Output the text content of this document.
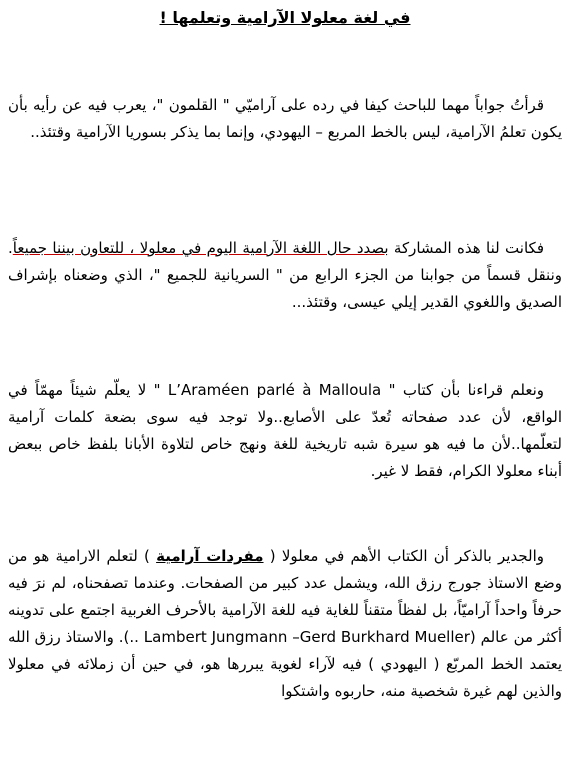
في لغة معلولا الآرامية وتعلمها !

قرأتُ جواباً مهما للباحث كيفا في رده على آراميّي " القلمون "، يعرب فيه عن رأيه بأن يكون تعلمُ الآرامية، ليس بالخط المربع – اليهودي، وإنما بما يذكر بسوريا الآرامية وقتئذ..

فكانت لنا هذه المشاركة بصدد حال اللغة الآرامية اليوم في معلولا ، للتعاون بيننا جميعاً. وننقل قسماً من جوابنا من الجزء الرابع من " السريانية للجميع "، الذي وضعناه بإشراف الصديق واللغوي القدير إيلي عيسى، وقتئذ...

ونعلم قراءنا بأن كتاب " L’Araméen parlé à Malloula " لا يعلّم شيئاً مهمّاً في الواقع، لأن عدد صفحاته تُعدّ على الأصابع..ولا توجد فيه سوى بضعة كلمات آرامية لتعلّمها..لأن ما فيه هو سيرة شبه تاريخية للغة ونهج خاص لتلاوة الأبانا بلفظ خاص ببعض أبناء معلولا الكرام، فقط لا غير.

والجدير بالذكر أن الكتاب الأهم في معلولا ( مفردات آرامية ) لتعلم الارامية هو من وضع الاستاذ جورج رزق الله، ويشمل عدد كبير من الصفحات. وعندما تصفحناه، لم نرَ فيه حرفاً واحداً آراميّاً، بل لفظاً متقناً للغاية فيه للغة الآرامية بالأحرف الغربية اجتمع على تدوينه أكثر من عالم (Lambert Jungmann –Gerd Burkhard Mueller ..). والاستاذ رزق الله يعتمد الخط المربّع ( اليهودي ) فيه لآراء لغوية يبررها هو، في حين أن زملائه في معلولا والذين لهم غيرة شخصية منه، حاربوه واشتكوا
